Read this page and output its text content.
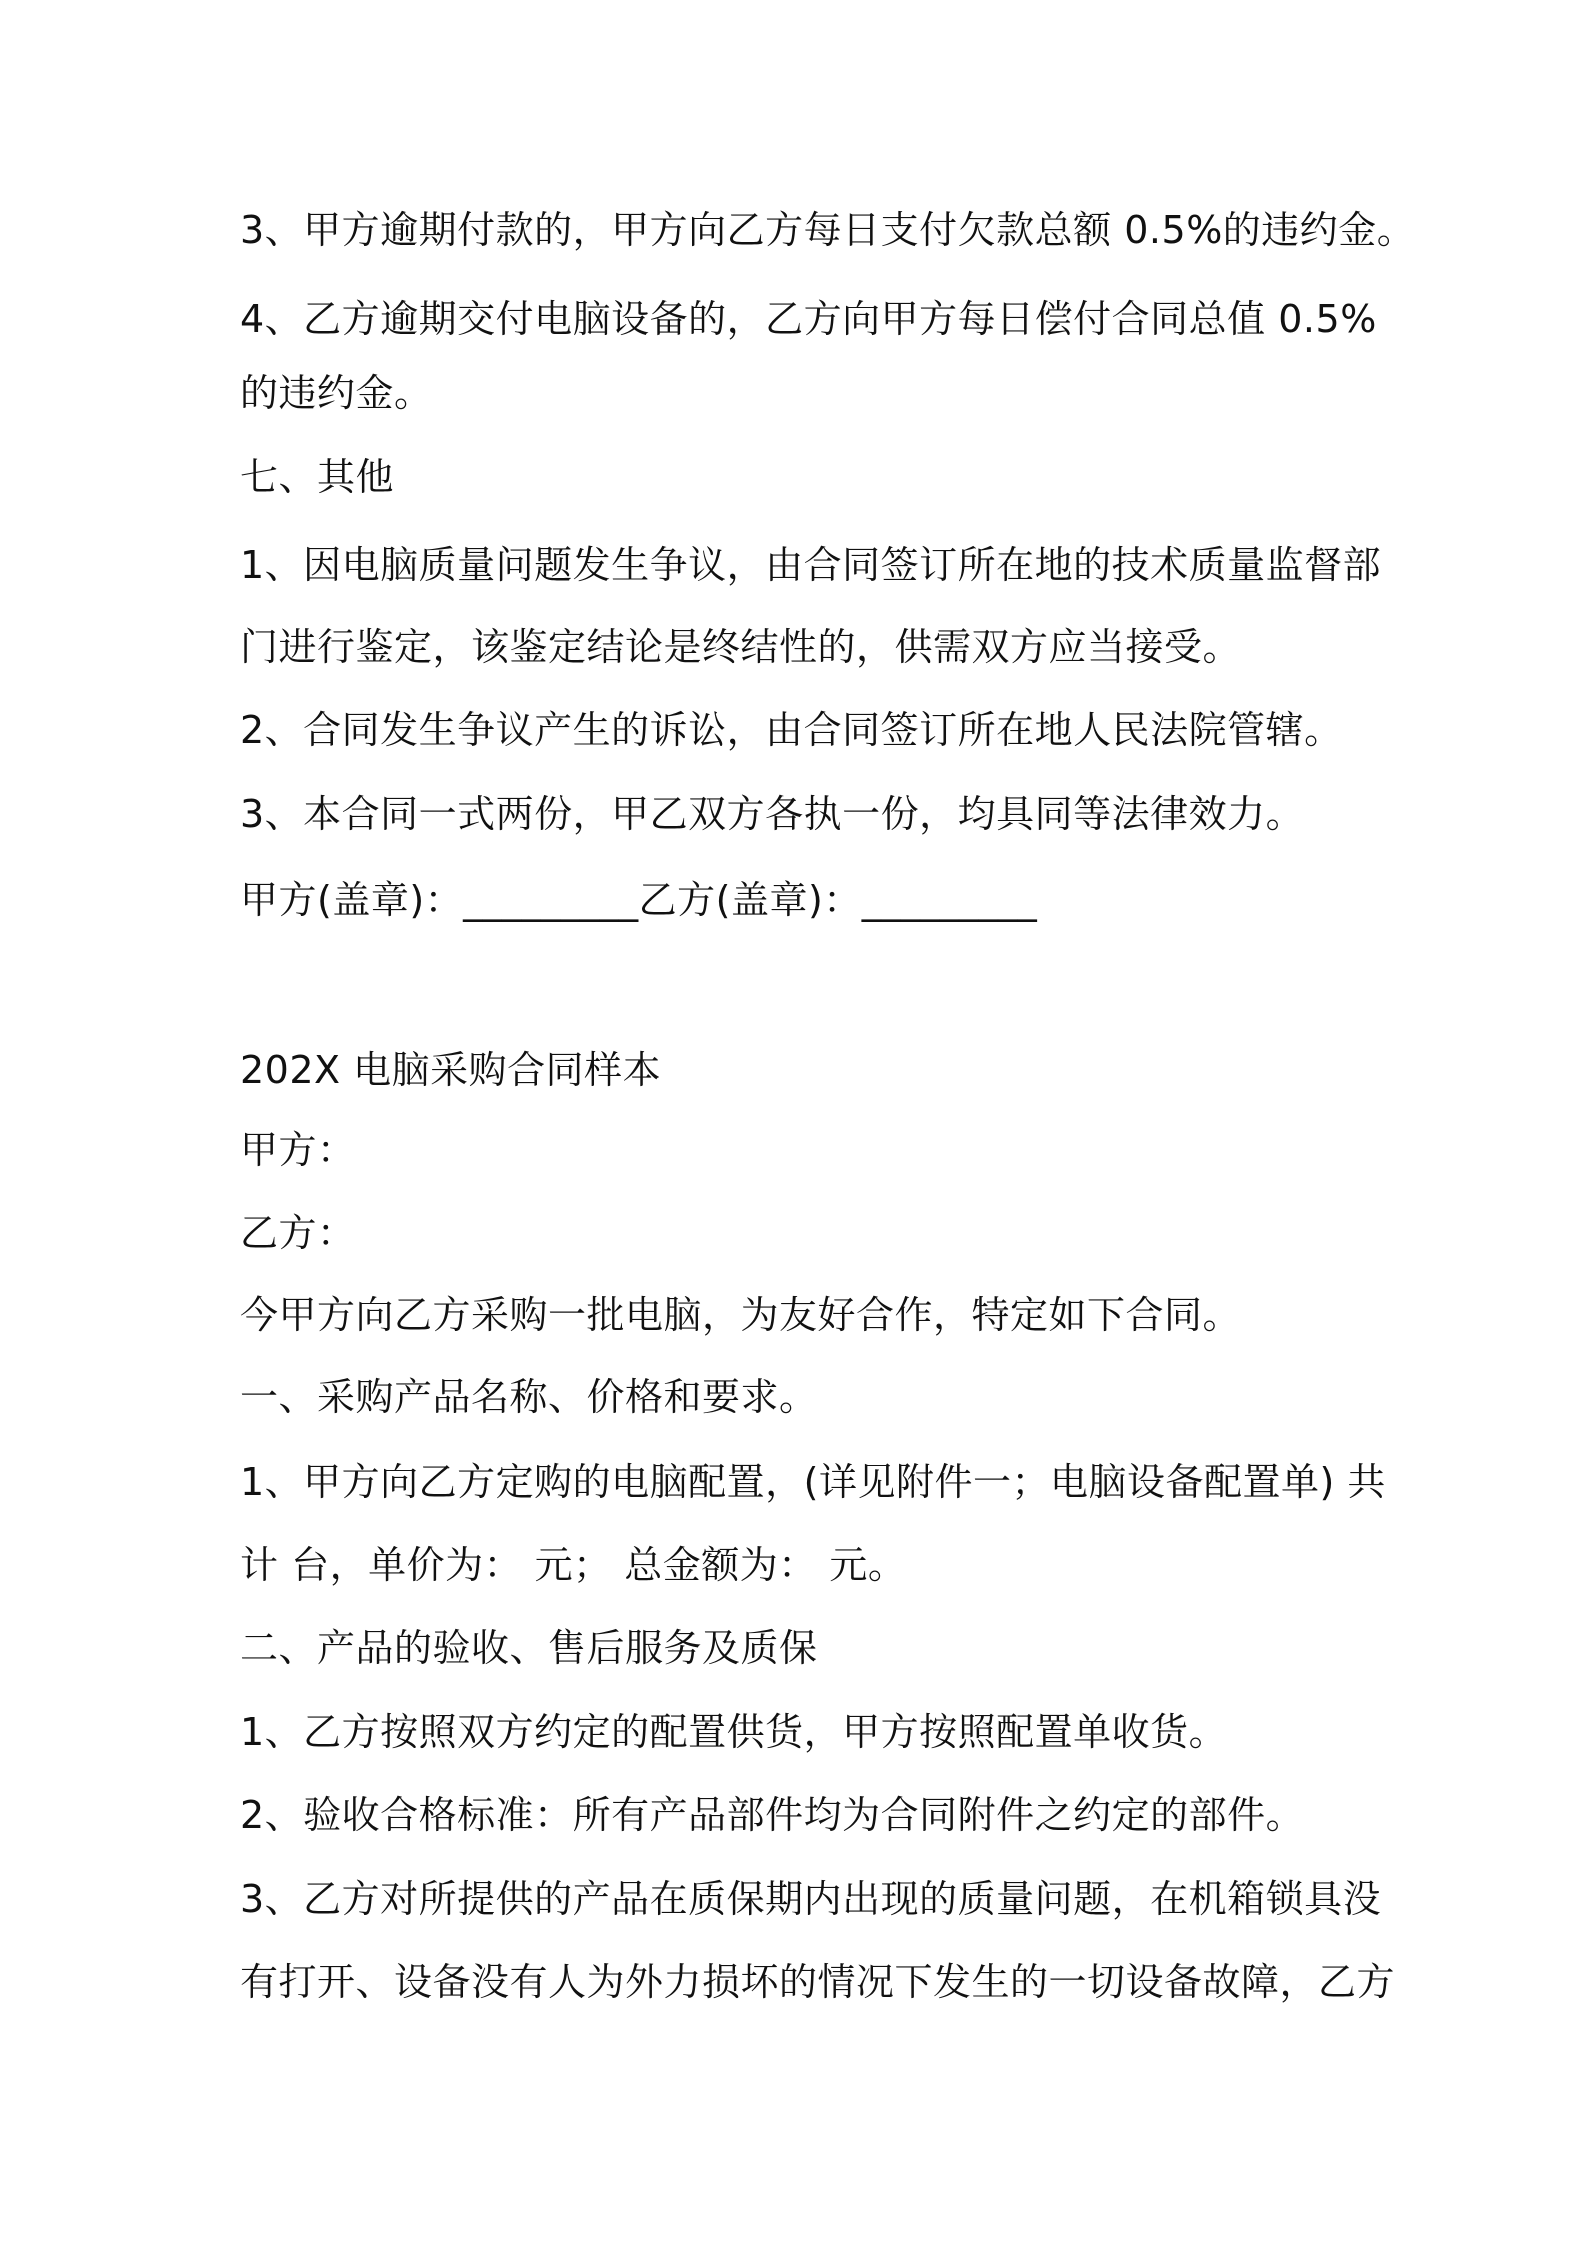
3、甲方逾期付款的，甲方向乙方每日支付欠款总额 0.5%的违约金。
4、乙方逾期交付电脑设备的，乙方向甲方每日偿付合同总值 0.5%
的违约金。
七、其他
1、因电脑质量问题发生争议，由合同签订所在地的技术质量监督部
门进行鉴定，该鉴定结论是终结性的，供需双方应当接受。
2、合同发生争议产生的诉讼，由合同签订所在地人民法院管辖。
3、本合同一式两份，甲乙双方各执一份，均具同等法律效力。
甲方(盖章)：_________乙方(盖章)：_________
202X 电脑采购合同样本
甲方：
乙方：
今甲方向乙方采购一批电脑，为友好合作，特定如下合同。
一、采购产品名称、价格和要求。
1、甲方向乙方定购的电脑配置，(详见附件一；电脑设备配置单) 共
计 台，单价为： 元； 总金额为： 元。
二、产品的验收、售后服务及质保
1、乙方按照双方约定的配置供货，甲方按照配置单收货。
2、验收合格标准：所有产品部件均为合同附件之约定的部件。
3、乙方对所提供的产品在质保期内出现的质量问题，在机箱锁具没
有打开、设备没有人为外力损坏的情况下发生的一切设备故障，乙方
